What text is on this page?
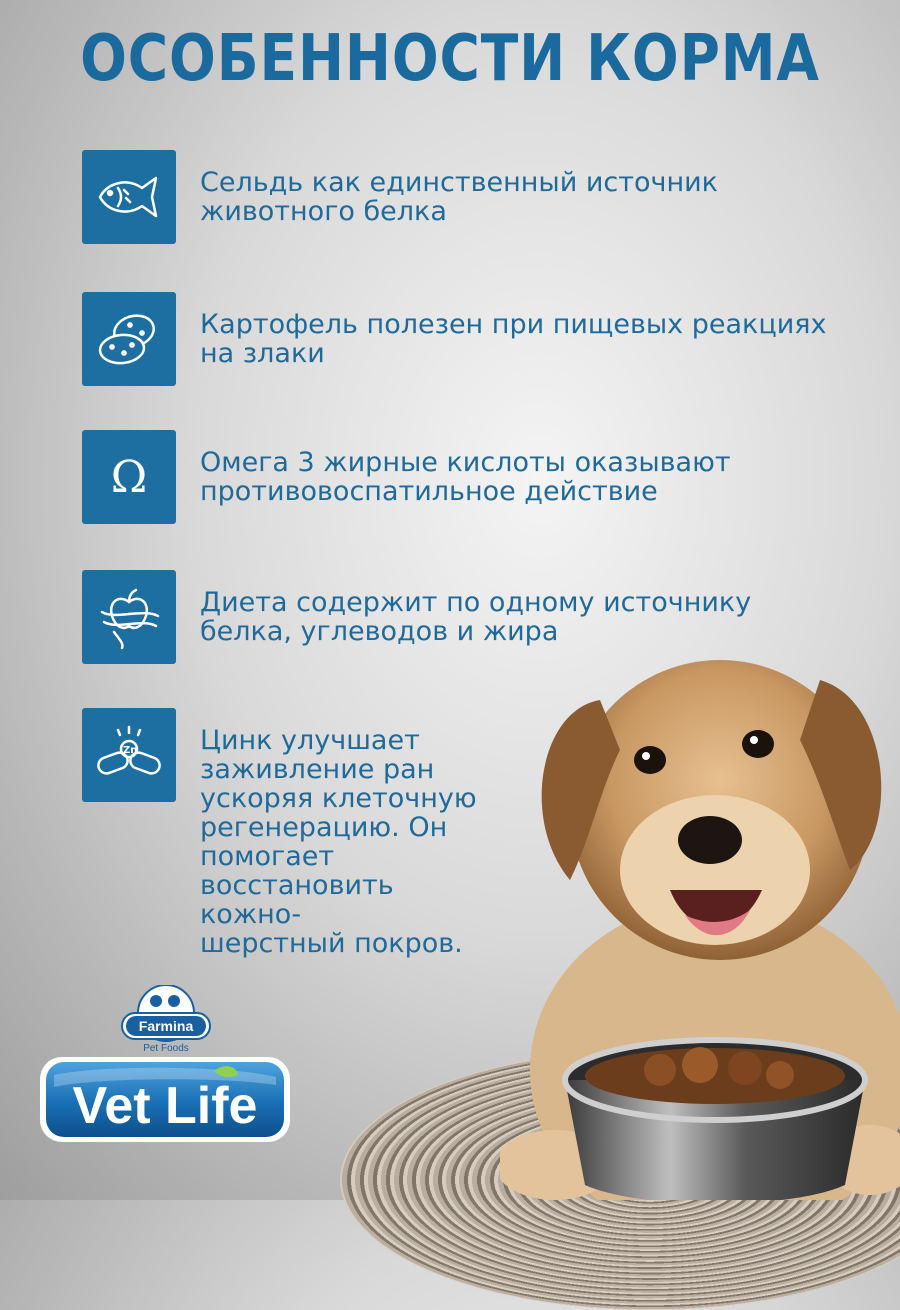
ОСОБЕННОСТИ КОРМА
Сельдь как единственный источник
животного белка
Картофель полезен при пищевых реакциях
на злаки
Ω Омега 3 жирные кислоты оказывают
противовоспатильное действие
Диета содержит по одному источнику
белка, углеводов и жира
Zn Цинк улучшает
заживление ран
ускоряя клеточную
регенерацию. Он
помогает
восстановить
кожно-
шерстный покров.
Farmina
Pet Foods
Vet Life
